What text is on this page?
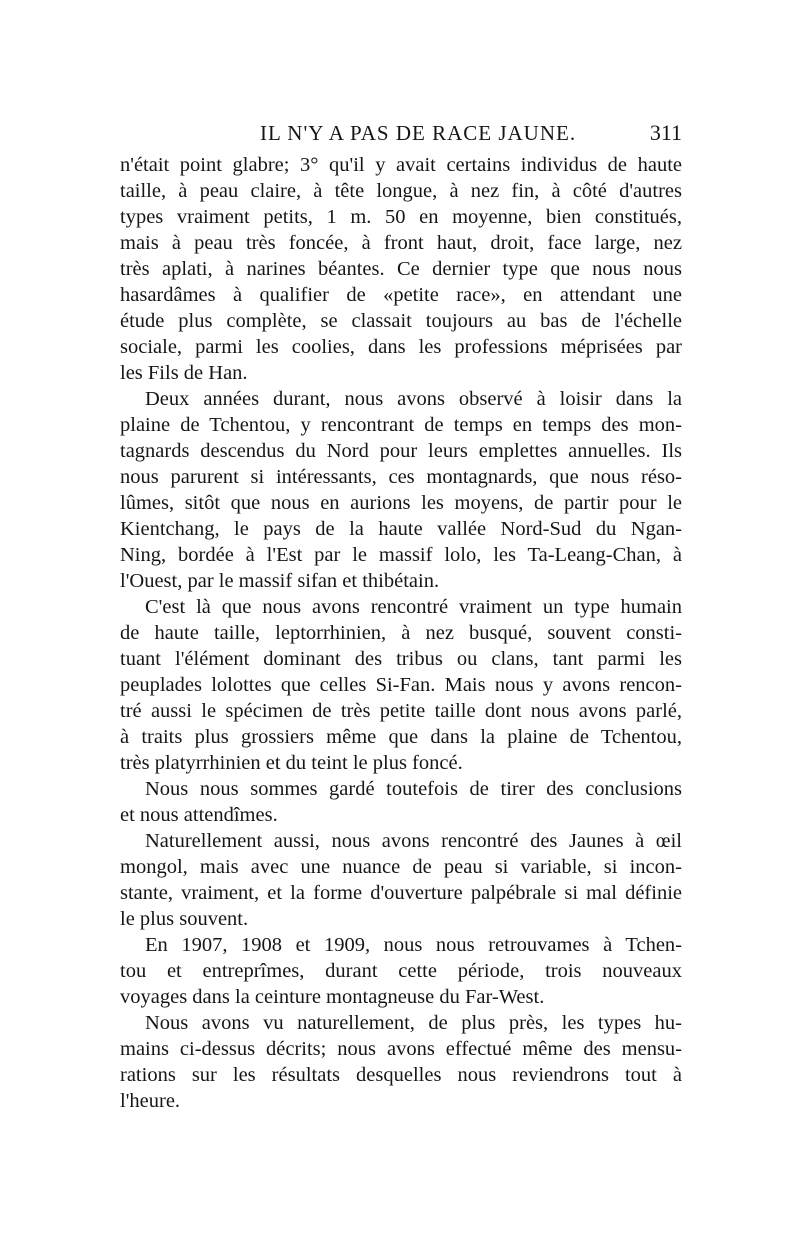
IL N'Y A PAS DE RACE JAUNE.	311
n'était point glabre; 3° qu'il y avait certains individus de haute
taille, à peau claire, à tête longue, à nez fin, à côté d'autres
types vraiment petits, 1 m. 50 en moyenne, bien constitués,
mais à peau très foncée, à front haut, droit, face large, nez
très aplati, à narines béantes. Ce dernier type que nous nous
hasardâmes à qualifier de «petite race», en attendant une
étude plus complète, se classait toujours au bas de l'échelle
sociale, parmi les coolies, dans les professions méprisées par
les Fils de Han.
Deux années durant, nous avons observé à loisir dans la
plaine de Tchentou, y rencontrant de temps en temps des mon-
tagnards descendus du Nord pour leurs emplettes annuelles. Ils
nous parurent si intéressants, ces montagnards, que nous réso-
lûmes, sitôt que nous en aurions les moyens, de partir pour le
Kientchang, le pays de la haute vallée Nord-Sud du Ngan-
Ning, bordée à l'Est par le massif lolo, les Ta-Leang-Chan, à
l'Ouest, par le massif sifan et thibétain.
C'est là que nous avons rencontré vraiment un type humain
de haute taille, leptorrhinien, à nez busqué, souvent consti-
tuant l'élément dominant des tribus ou clans, tant parmi les
peuplades lolottes que celles Si-Fan. Mais nous y avons rencon-
tré aussi le spécimen de très petite taille dont nous avons parlé,
à traits plus grossiers même que dans la plaine de Tchentou,
très platyrrhinien et du teint le plus foncé.
Nous nous sommes gardé toutefois de tirer des conclusions
et nous attendîmes.
Naturellement aussi, nous avons rencontré des Jaunes à œil
mongol, mais avec une nuance de peau si variable, si incon-
stante, vraiment, et la forme d'ouverture palpébrale si mal définie
le plus souvent.
En 1907, 1908 et 1909, nous nous retrouvames à Tchen-
tou et entreprîmes, durant cette période, trois nouveaux
voyages dans la ceinture montagneuse du Far-West.
Nous avons vu naturellement, de plus près, les types hu-
mains ci-dessus décrits; nous avons effectué même des mensu-
rations sur les résultats desquelles nous reviendrons tout à
l'heure.
